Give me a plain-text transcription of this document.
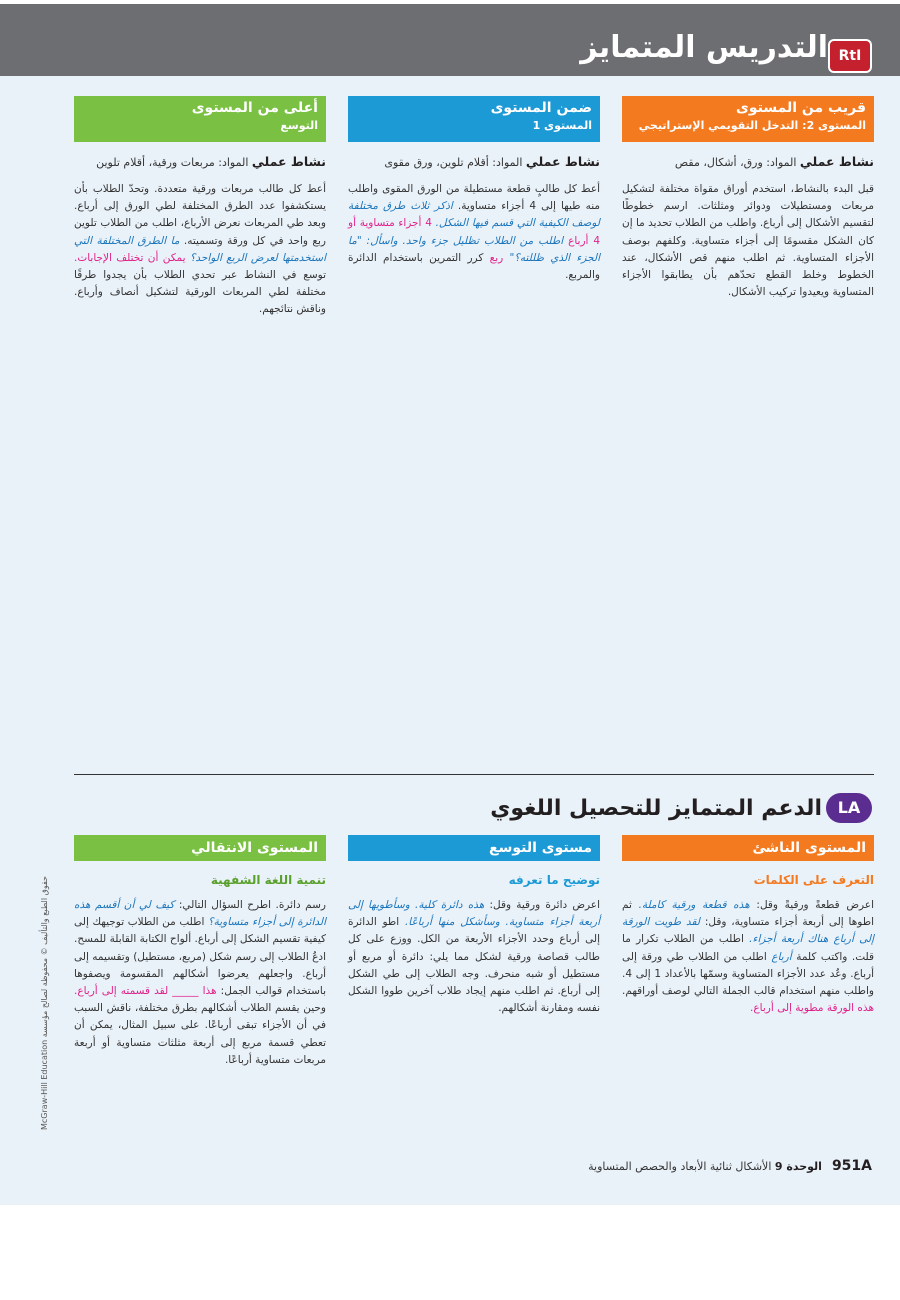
التدريس المتمايز RtI
قريب من المستوى
المستوى 2: التدخل التقويمي الإستراتيجي
نشاط عملي المواد: ورق، أشكال، مقص
قبل البدء بالنشاط، استخدم أوراق مقواة مختلفة لتشكيل مربعات ومستطيلات ودوائر ومثلثات. ارسم خطوطًا لتقسيم الأشكال إلى أرباع. واطلب من الطلاب تحديد ما إن كان الشكل مقسومًا إلى أجزاء متساوية. وكلفهم بوصف الأجزاء المتساوية. ثم اطلب منهم قص الأشكال، عند الخطوط وخلط القطع تحدّهم بأن يطابقوا الأجزاء المتساوية ويعيدوا تركيب الأشكال.
ضمن المستوى
المستوى 1
نشاط عملي المواد: أقلام تلوين، ورق مقوى
أعط كل طالبٍ قطعة مستطيلة من الورق المقوى واطلب منه طيها إلى 4 أجزاء متساوية. اذكر ثلاث طرق مختلفة لوصف الكيفية التي قسم فيها الشكل. 4 أجزاء متساوية أو 4 أرباع اطلب من الطلاب تظليل جزء واحد. واسأل: "ما الجزء الذي ظللته؟" ربع كرر التمرين باستخدام الدائرة والمربع.
أعلى من المستوى
التوسع
نشاط عملي المواد: مربعات ورقية، أقلام تلوين
أعط كل طالب مربعات ورقية متعددة. وتحدّ الطلاب بأن يستكشفوا عدد الطرق المختلفة لطي الورق إلى أرباع. وبعد طي المربعات نعرض الأرباع، اطلب من الطلاب تلوين ربع واحد في كل ورقة وتسميته. ما الطرق المختلفة التي استخدمتها لعرض الربع الواحد؟ يمكن أن تختلف الإجابات. توسع في النشاط عبر تحدي الطلاب بأن يجدوا طرقًا مختلفة لطي المربعات الورقية لتشكيل أنصاف وأرباع. وناقش نتائجهم.
LA
الدعم المتمايز للتحصيل اللغوي
المستوى الناشئ
التعرف على الكلمات
اعرض قطعةً ورقيةً وقل: هذه قطعة ورقية كاملة. ثم اطوها إلى أربعة أجزاء متساوية، وقل: لقد طويت الورقة إلى أرباع هناك أربعة أجزاء. اطلب من الطلاب تكرار ما قلت. واكتب كلمة أرباع اطلب من الطلاب طي ورقة إلى أرباع. وعُد عدد الأجزاء المتساوية وسمّها بالأعداد 1 إلى 4. واطلب منهم استخدام قالب الجملة التالي لوصف أوراقهم. هذه الورقة مطوية إلى أرباع.
مستوى التوسع
توضيح ما تعرفه
اعرض دائرة ورقية وقل: هذه دائرة كلية. وسأطويها إلى أربعة أجزاء متساوية. وسأشكل منها أرباعًا. اطو الدائرة إلى أرباع وحدد الأجزاء الأربعة من الكل. ووزع على كل طالب قصاصة ورقية لشكل مما يلي: دائرة أو مربع أو مستطيل أو شبه منحرف. وجه الطلاب إلى طي الشكل إلى أرباع. ثم اطلب منهم إيجاد طلاب آخرين طووا الشكل نفسه ومقارنة أشكالهم.
المستوى الانتقالي
تنمية اللغة الشفهية
رسم دائرة. اطرح السؤال التالي: كيف لي أن أقسم هذه الدائرة إلى أجزاء متساوية؟ اطلب من الطلاب توجيهك إلى كيفية تقسيم الشكل إلى أرباع. ألواح الكتابة القابلة للمسح. ادعُ الطلاب إلى رسم شكل (مربع، مستطيل) وتقسيمه إلى أرباع. واجعلهم يعرضوا أشكالهم المقسومة ويصفوها باستخدام قوالب الجمل: هذا _____ لقد قسمته إلى أرباع. وحين يقسم الطلاب أشكالهم بطرق مختلفة، ناقش السبب في أن الأجزاء تبقى أرباعًا. على سبيل المثال، يمكن أن تعطي قسمة مربع إلى أربعة مثلثات متساوية أو أربعة مربعات متساوية أرباعًا.
حقوق الطبع والتأليف © محفوظة لصالح مؤسسة McGraw-Hill Education
951Aالوحدة 9 الأشكال ثنائية الأبعاد والحصص المتساوية
